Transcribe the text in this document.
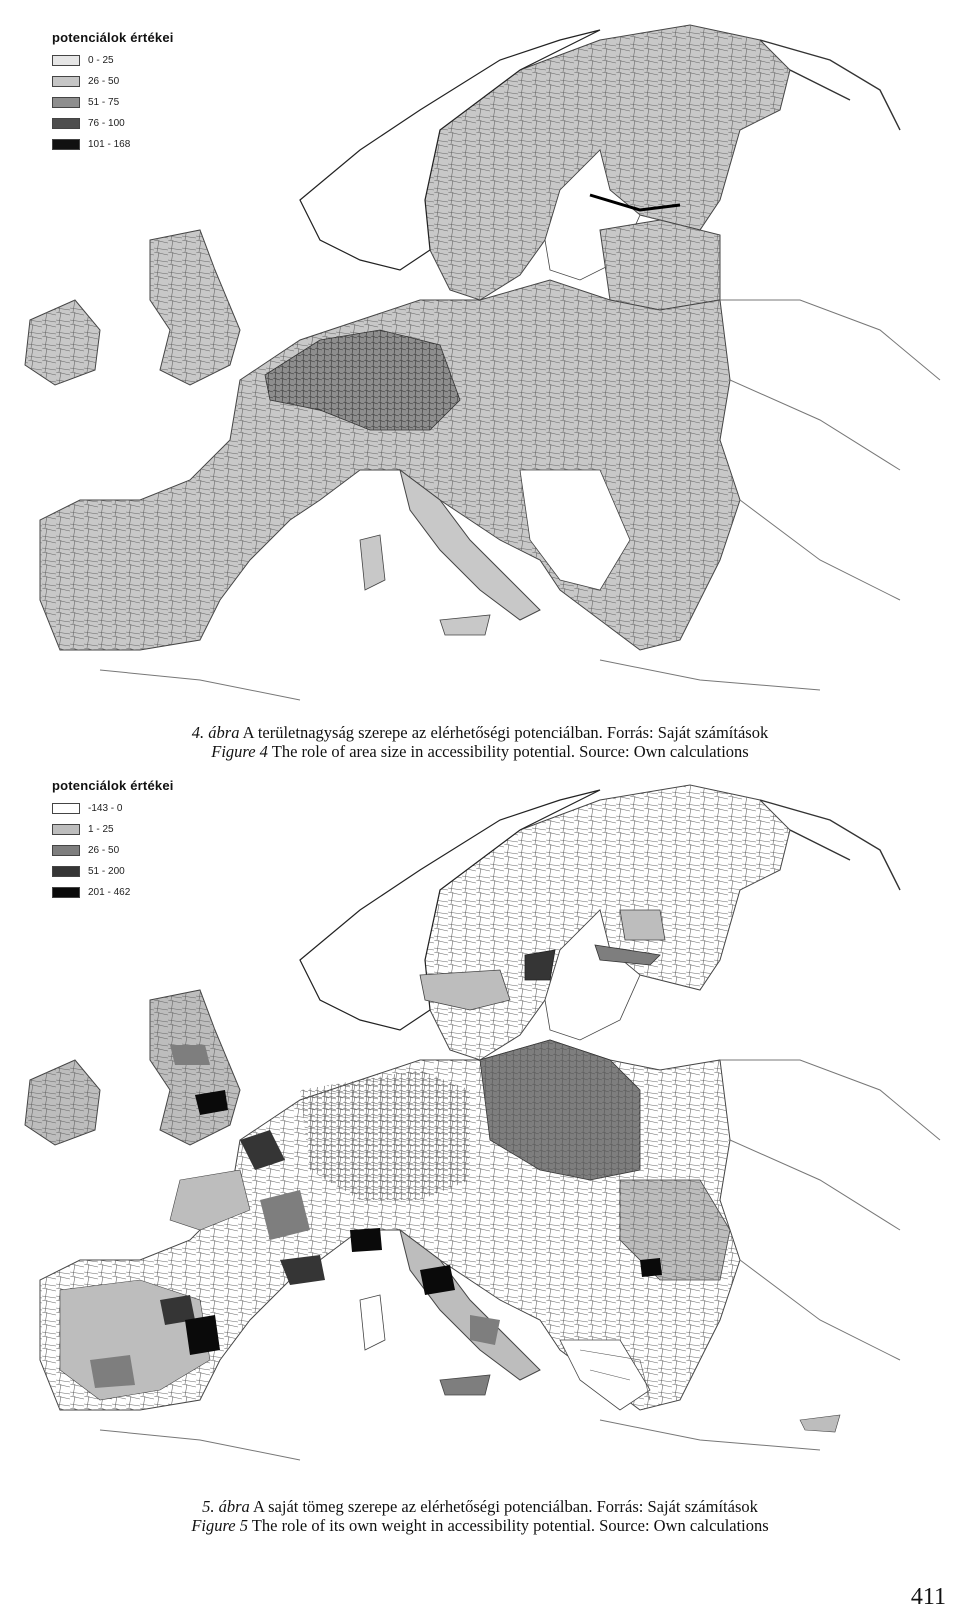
potenciálok értékei
0 - 25
26 - 50
51 - 75
76 - 100
101 - 168
4. ábra A területnagyság szerepe az elérhetőségi potenciálban. Forrás: Saját számítások
Figure 4 The role of area size in accessibility potential. Source: Own calculations
potenciálok értékei
-143 - 0
1 - 25
26 - 50
51 - 200
201 - 462
5. ábra A saját tömeg szerepe az elérhetőségi potenciálban. Forrás: Saját számítások
Figure 5 The role of its own weight in accessibility potential. Source: Own calculations
411
